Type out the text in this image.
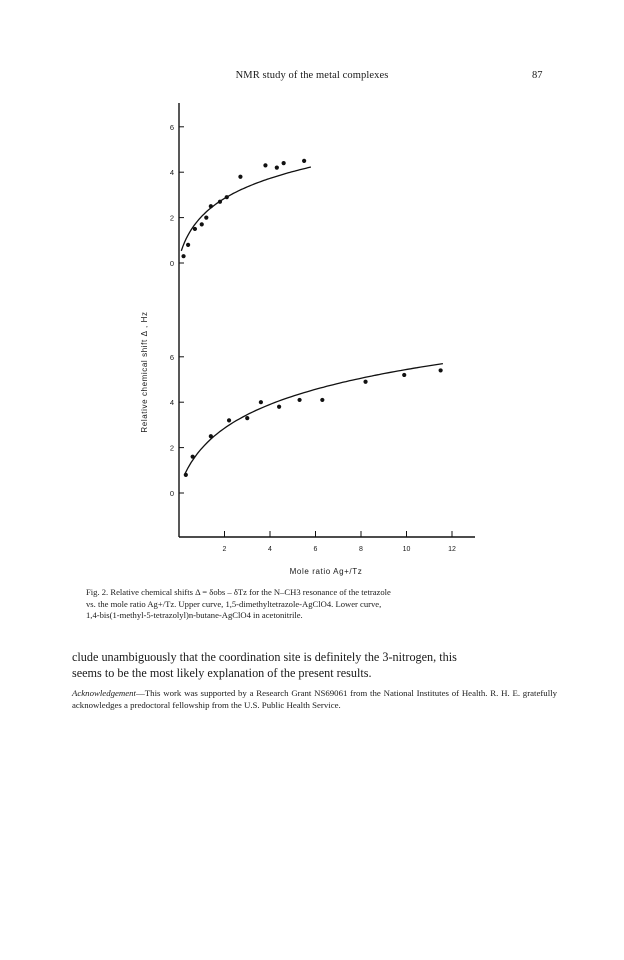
NMR study of the metal complexes	87
0
2
4
6
0
2
4
6
2	4	6	8	10	12
Mole ratio Ag+/Tz
Relative chemical shift Δ , Hz
Fig. 2. Relative chemical shifts Δ = δobs – δTz for the N–CH3 resonance of the tetrazole
vs. the mole ratio Ag+/Tz. Upper curve, 1,5-dimethyltetrazole-AgClO4. Lower curve,
1,4-bis(1-methyl-5-tetrazolyl)n-butane-AgClO4 in acetonitrile.
clude unambiguously that the coordination site is definitely the 3-nitrogen, this
seems to be the most likely explanation of the present results.
Acknowledgement—This work was supported by a Research Grant NS69061 from the National Institutes of Health. R. H. E. gratefully acknowledges a predoctoral fellowship from the U.S. Public Health Service.
